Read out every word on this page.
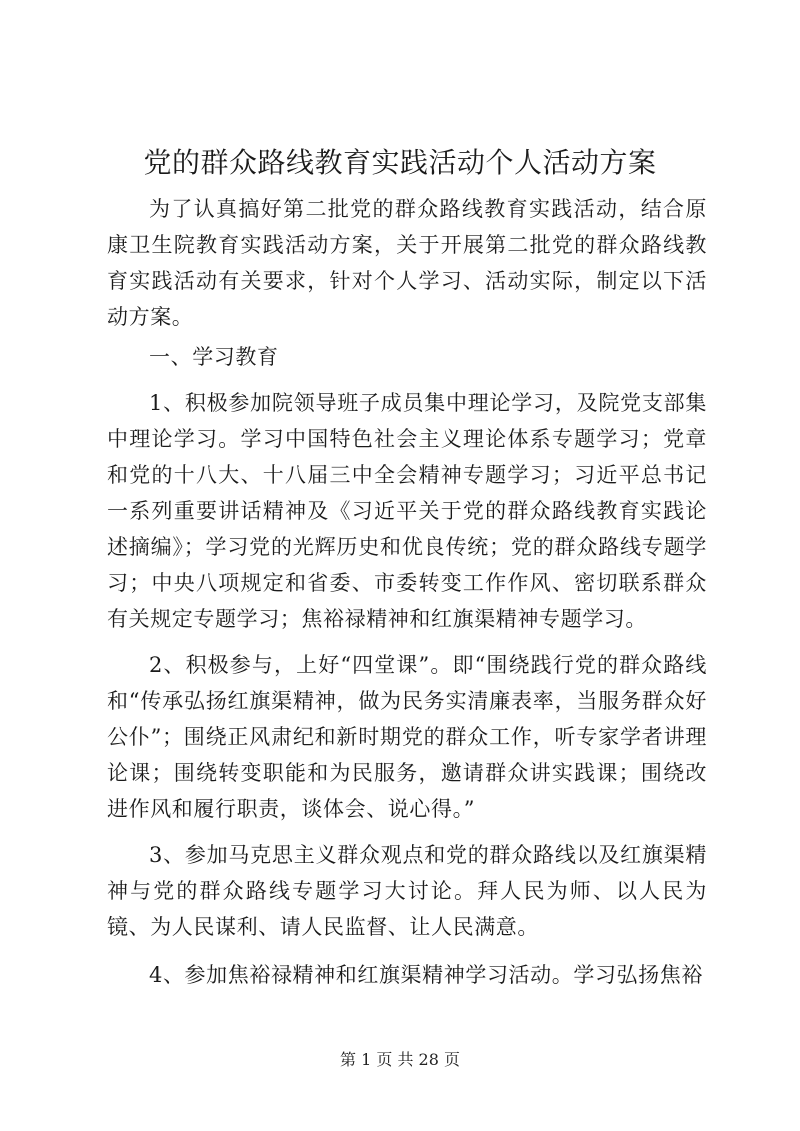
党的群众路线教育实践活动个人活动方案

为了认真搞好第二批党的群众路线教育实践活动，结合原康卫生院教育实践活动方案，关于开展第二批党的群众路线教育实践活动有关要求，针对个人学习、活动实际，制定以下活动方案。

一、学习教育

1、积极参加院领导班子成员集中理论学习，及院党支部集中理论学习。学习中国特色社会主义理论体系专题学习；党章和党的十八大、十八届三中全会精神专题学习；习近平总书记一系列重要讲话精神及《习近平关于党的群众路线教育实践论述摘编》；学习党的光辉历史和优良传统；党的群众路线专题学习；中央八项规定和省委、市委转变工作作风、密切联系群众有关规定专题学习；焦裕禄精神和红旗渠精神专题学习。

2、积极参与，上好“四堂课”。即“围绕践行党的群众路线和“传承弘扬红旗渠精神，做为民务实清廉表率，当服务群众好公仆”；围绕正风肃纪和新时期党的群众工作，听专家学者讲理论课；围绕转变职能和为民服务，邀请群众讲实践课；围绕改进作风和履行职责，谈体会、说心得。”

3、参加马克思主义群众观点和党的群众路线以及红旗渠精神与党的群众路线专题学习大讨论。拜人民为师、以人民为镜、为人民谋利、请人民监督、让人民满意。

4、参加焦裕禄精神和红旗渠精神学习活动。学习弘扬焦裕

第 1 页 共 28 页
